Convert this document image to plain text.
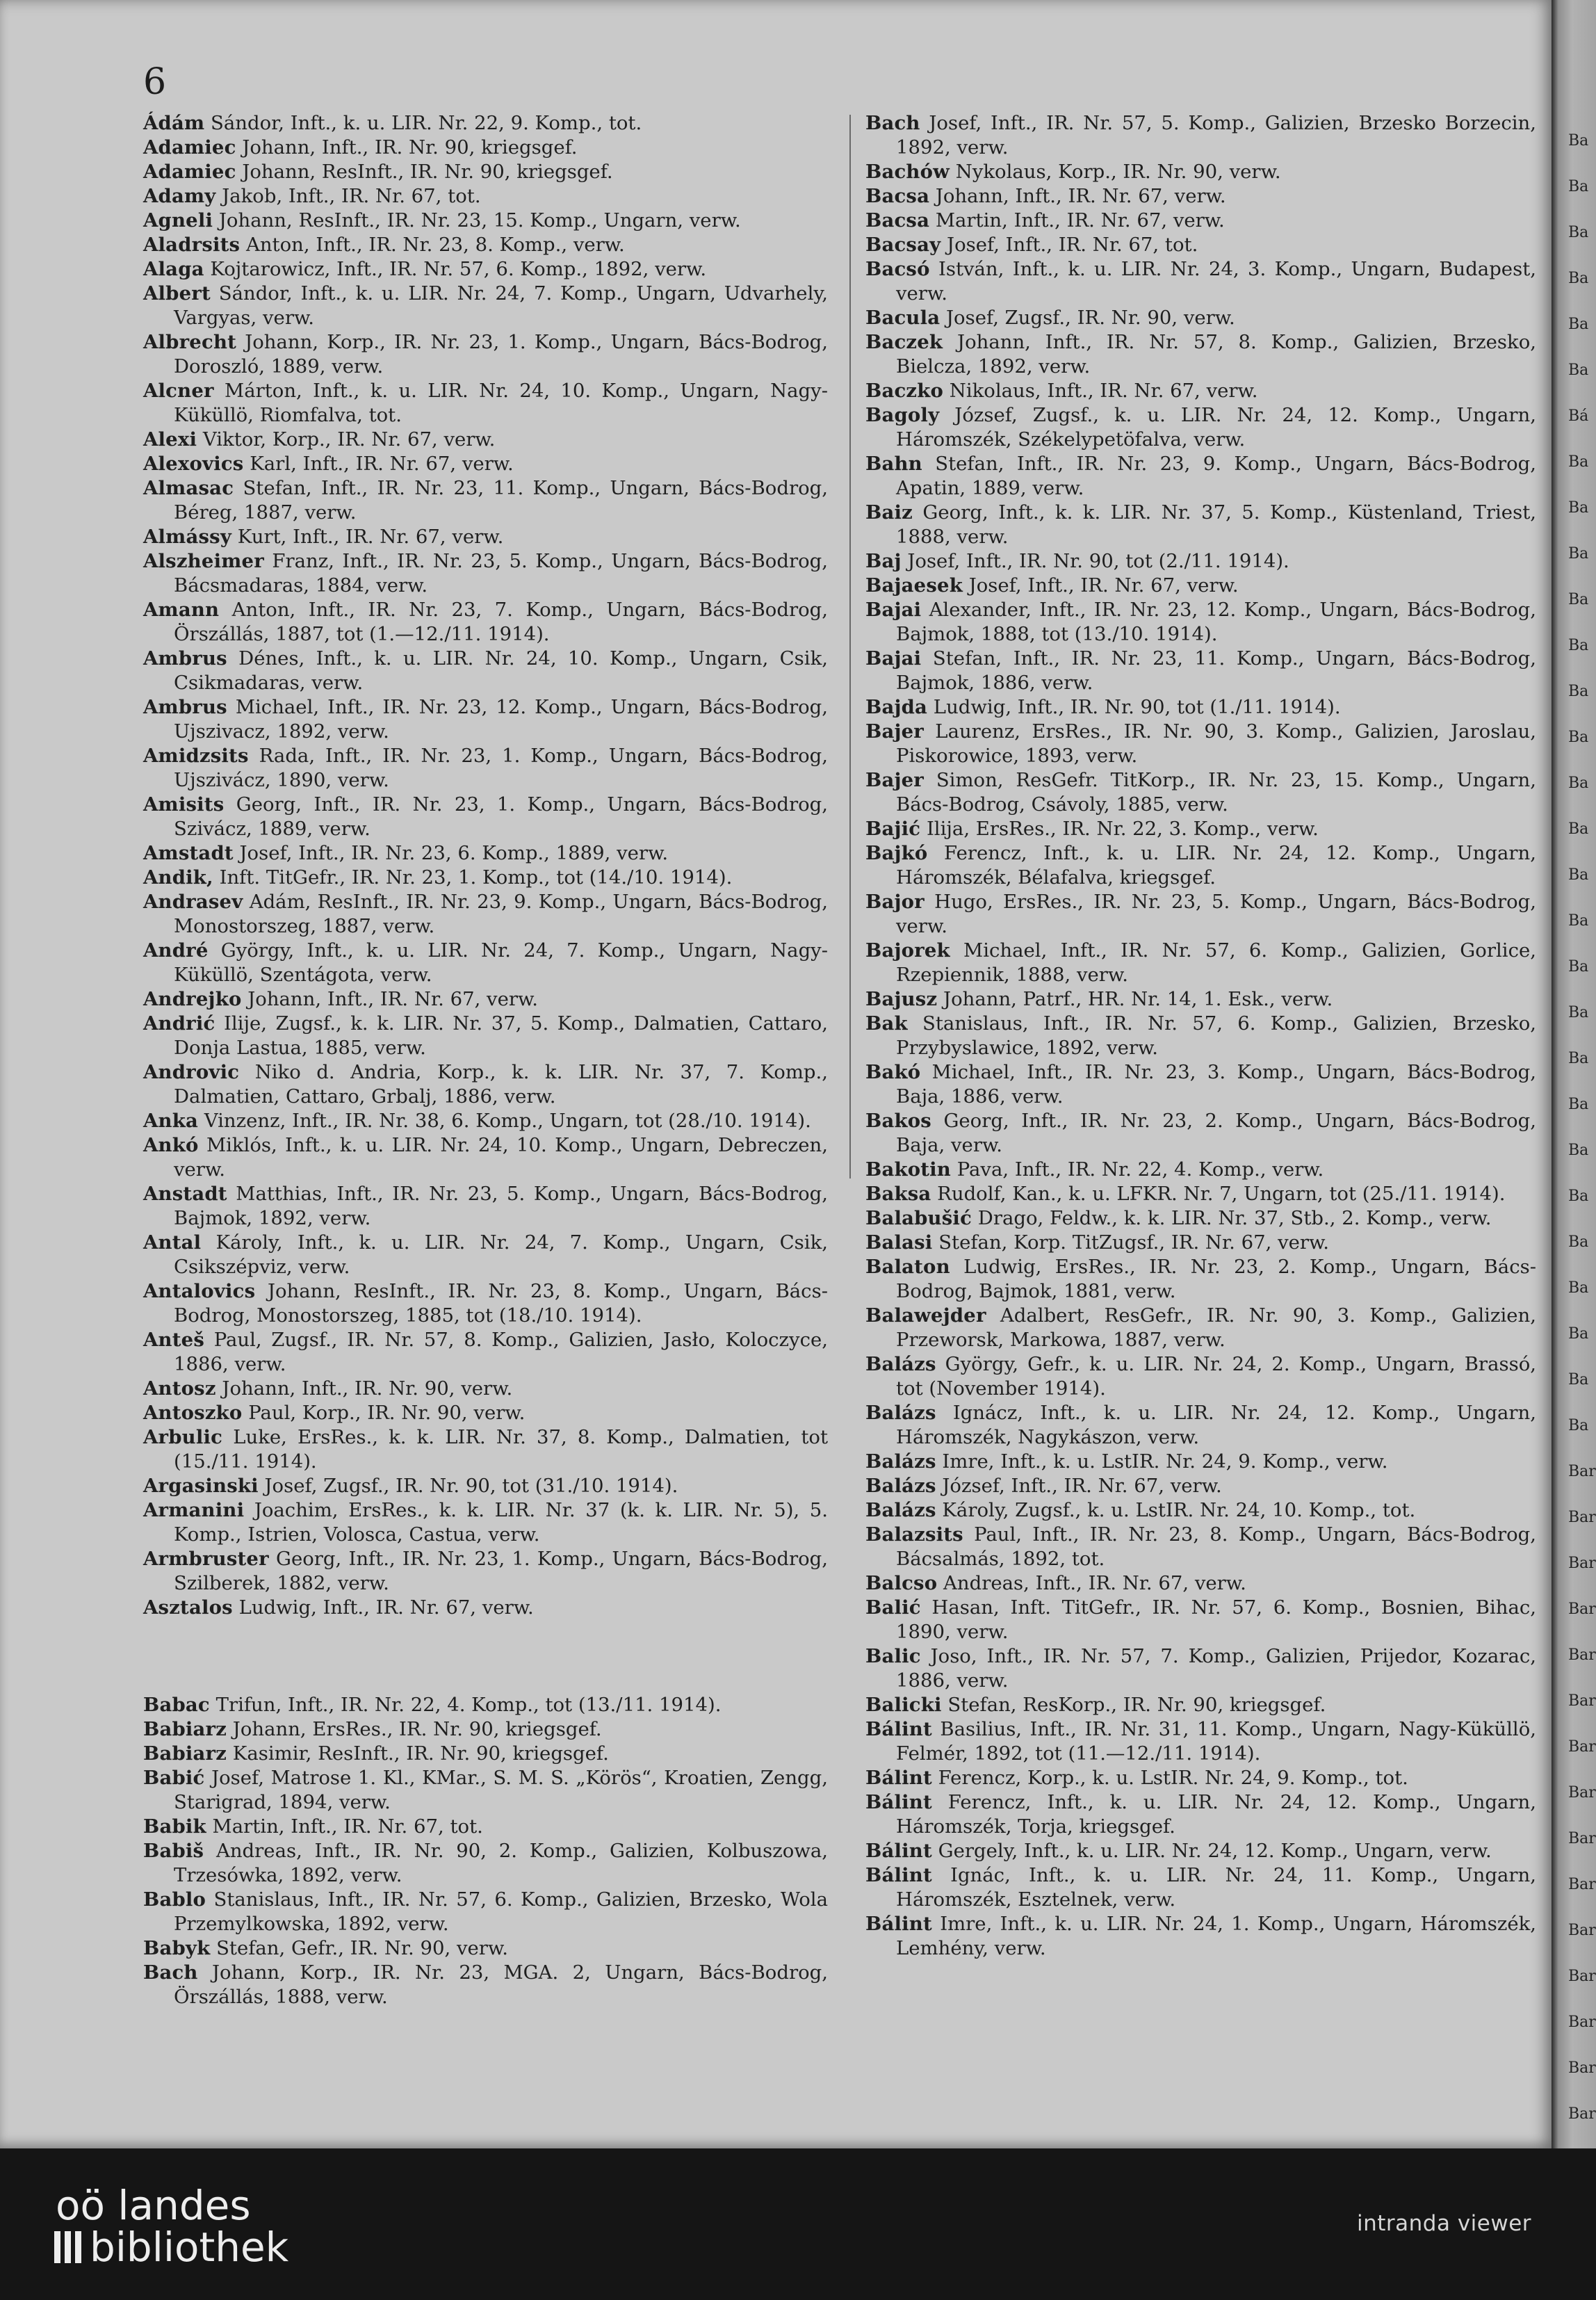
6
Ádám Sándor, Inft., k. u. LIR. Nr. 22, 9. Komp., tot.
Adamiec Johann, Inft., IR. Nr. 90, kriegsgef.
Adamiec Johann, ResInft., IR. Nr. 90, kriegsgef.
Adamy Jakob, Inft., IR. Nr. 67, tot.
Agneli Johann, ResInft., IR. Nr. 23, 15. Komp., Ungarn, verw.
Aladrsits Anton, Inft., IR. Nr. 23, 8. Komp., verw.
Alaga Kojtarowicz, Inft., IR. Nr. 57, 6. Komp., 1892, verw.
Albert Sándor, Inft., k. u. LIR. Nr. 24, 7. Komp., Ungarn, Udvarhely, Vargyas, verw.
Albrecht Johann, Korp., IR. Nr. 23, 1. Komp., Ungarn, Bács-Bodrog, Doroszló, 1889, verw.
Alcner Márton, Inft., k. u. LIR. Nr. 24, 10. Komp., Ungarn, Nagy-Küküllö, Riomfalva, tot.
Alexi Viktor, Korp., IR. Nr. 67, verw.
Alexovics Karl, Inft., IR. Nr. 67, verw.
Almasac Stefan, Inft., IR. Nr. 23, 11. Komp., Ungarn, Bács-Bodrog, Béreg, 1887, verw.
Almássy Kurt, Inft., IR. Nr. 67, verw.
Alszheimer Franz, Inft., IR. Nr. 23, 5. Komp., Ungarn, Bács-Bodrog, Bácsmadaras, 1884, verw.
Amann Anton, Inft., IR. Nr. 23, 7. Komp., Ungarn, Bács-Bodrog, Örszállás, 1887, tot (1.—12./11. 1914).
Ambrus Dénes, Inft., k. u. LIR. Nr. 24, 10. Komp., Ungarn, Csik, Csikmadaras, verw.
Ambrus Michael, Inft., IR. Nr. 23, 12. Komp., Ungarn, Bács-Bodrog, Ujszivacz, 1892, verw.
Amidzsits Rada, Inft., IR. Nr. 23, 1. Komp., Ungarn, Bács-Bodrog, Ujszivácz, 1890, verw.
Amisits Georg, Inft., IR. Nr. 23, 1. Komp., Ungarn, Bács-Bodrog, Szivácz, 1889, verw.
Amstadt Josef, Inft., IR. Nr. 23, 6. Komp., 1889, verw.
Andik, Inft. TitGefr., IR. Nr. 23, 1. Komp., tot (14./10. 1914).
Andrasev Adám, ResInft., IR. Nr. 23, 9. Komp., Ungarn, Bács-Bodrog, Monostorszeg, 1887, verw.
André György, Inft., k. u. LIR. Nr. 24, 7. Komp., Ungarn, Nagy-Küküllö, Szentágota, verw.
Andrejko Johann, Inft., IR. Nr. 67, verw.
Andrić Ilije, Zugsf., k. k. LIR. Nr. 37, 5. Komp., Dalmatien, Cattaro, Donja Lastua, 1885, verw.
Androvic Niko d. Andria, Korp., k. k. LIR. Nr. 37, 7. Komp., Dalmatien, Cattaro, Grbalj, 1886, verw.
Anka Vinzenz, Inft., IR. Nr. 38, 6. Komp., Ungarn, tot (28./10. 1914).
Ankó Miklós, Inft., k. u. LIR. Nr. 24, 10. Komp., Ungarn, Debreczen, verw.
Anstadt Matthias, Inft., IR. Nr. 23, 5. Komp., Ungarn, Bács-Bodrog, Bajmok, 1892, verw.
Antal Károly, Inft., k. u. LIR. Nr. 24, 7. Komp., Ungarn, Csik, Csikszépviz, verw.
Antalovics Johann, ResInft., IR. Nr. 23, 8. Komp., Ungarn, Bács-Bodrog, Monostorszeg, 1885, tot (18./10. 1914).
Anteš Paul, Zugsf., IR. Nr. 57, 8. Komp., Galizien, Jasło, Koloczyce, 1886, verw.
Antosz Johann, Inft., IR. Nr. 90, verw.
Antoszko Paul, Korp., IR. Nr. 90, verw.
Arbulic Luke, ErsRes., k. k. LIR. Nr. 37, 8. Komp., Dalmatien, tot (15./11. 1914).
Argasinski Josef, Zugsf., IR. Nr. 90, tot (31./10. 1914).
Armanini Joachim, ErsRes., k. k. LIR. Nr. 37 (k. k. LIR. Nr. 5), 5. Komp., Istrien, Volosca, Castua, verw.
Armbruster Georg, Inft., IR. Nr. 23, 1. Komp., Ungarn, Bács-Bodrog, Szilberek, 1882, verw.
Asztalos Ludwig, Inft., IR. Nr. 67, verw.
Babac Trifun, Inft., IR. Nr. 22, 4. Komp., tot (13./11. 1914).
Babiarz Johann, ErsRes., IR. Nr. 90, kriegsgef.
Babiarz Kasimir, ResInft., IR. Nr. 90, kriegsgef.
Babić Josef, Matrose 1. Kl., KMar., S. M. S. „Körös“, Kroatien, Zengg, Starigrad, 1894, verw.
Babik Martin, Inft., IR. Nr. 67, tot.
Babiš Andreas, Inft., IR. Nr. 90, 2. Komp., Galizien, Kolbuszowa, Trzesówka, 1892, verw.
Bablo Stanislaus, Inft., IR. Nr. 57, 6. Komp., Galizien, Brzesko, Wola Przemylkowska, 1892, verw.
Babyk Stefan, Gefr., IR. Nr. 90, verw.
Bach Johann, Korp., IR. Nr. 23, MGA. 2, Ungarn, Bács-Bodrog, Örszállás, 1888, verw.
Bach Josef, Inft., IR. Nr. 57, 5. Komp., Galizien, Brzesko Borzecin, 1892, verw.
Bachów Nykolaus, Korp., IR. Nr. 90, verw.
Bacsa Johann, Inft., IR. Nr. 67, verw.
Bacsa Martin, Inft., IR. Nr. 67, verw.
Bacsay Josef, Inft., IR. Nr. 67, tot.
Bacsó István, Inft., k. u. LIR. Nr. 24, 3. Komp., Ungarn, Budapest, verw.
Bacula Josef, Zugsf., IR. Nr. 90, verw.
Baczek Johann, Inft., IR. Nr. 57, 8. Komp., Galizien, Brzesko, Bielcza, 1892, verw.
Baczko Nikolaus, Inft., IR. Nr. 67, verw.
Bagoly József, Zugsf., k. u. LIR. Nr. 24, 12. Komp., Ungarn, Háromszék, Székelypetöfalva, verw.
Bahn Stefan, Inft., IR. Nr. 23, 9. Komp., Ungarn, Bács-Bodrog, Apatin, 1889, verw.
Baiz Georg, Inft., k. k. LIR. Nr. 37, 5. Komp., Küstenland, Triest, 1888, verw.
Baj Josef, Inft., IR. Nr. 90, tot (2./11. 1914).
Bajaesek Josef, Inft., IR. Nr. 67, verw.
Bajai Alexander, Inft., IR. Nr. 23, 12. Komp., Ungarn, Bács-Bodrog, Bajmok, 1888, tot (13./10. 1914).
Bajai Stefan, Inft., IR. Nr. 23, 11. Komp., Ungarn, Bács-Bodrog, Bajmok, 1886, verw.
Bajda Ludwig, Inft., IR. Nr. 90, tot (1./11. 1914).
Bajer Laurenz, ErsRes., IR. Nr. 90, 3. Komp., Galizien, Jaroslau, Piskorowice, 1893, verw.
Bajer Simon, ResGefr. TitKorp., IR. Nr. 23, 15. Komp., Ungarn, Bács-Bodrog, Csávoly, 1885, verw.
Bajić Ilija, ErsRes., IR. Nr. 22, 3. Komp., verw.
Bajkó Ferencz, Inft., k. u. LIR. Nr. 24, 12. Komp., Ungarn, Háromszék, Bélafalva, kriegsgef.
Bajor Hugo, ErsRes., IR. Nr. 23, 5. Komp., Ungarn, Bács-Bodrog, verw.
Bajorek Michael, Inft., IR. Nr. 57, 6. Komp., Galizien, Gorlice, Rzepiennik, 1888, verw.
Bajusz Johann, Patrf., HR. Nr. 14, 1. Esk., verw.
Bak Stanislaus, Inft., IR. Nr. 57, 6. Komp., Galizien, Brzesko, Przybyslawice, 1892, verw.
Bakó Michael, Inft., IR. Nr. 23, 3. Komp., Ungarn, Bács-Bodrog, Baja, 1886, verw.
Bakos Georg, Inft., IR. Nr. 23, 2. Komp., Ungarn, Bács-Bodrog, Baja, verw.
Bakotin Pava, Inft., IR. Nr. 22, 4. Komp., verw.
Baksa Rudolf, Kan., k. u. LFKR. Nr. 7, Ungarn, tot (25./11. 1914).
Balabušić Drago, Feldw., k. k. LIR. Nr. 37, Stb., 2. Komp., verw.
Balasi Stefan, Korp. TitZugsf., IR. Nr. 67, verw.
Balaton Ludwig, ErsRes., IR. Nr. 23, 2. Komp., Ungarn, Bács-Bodrog, Bajmok, 1881, verw.
Balawejder Adalbert, ResGefr., IR. Nr. 90, 3. Komp., Galizien, Przeworsk, Markowa, 1887, verw.
Balázs György, Gefr., k. u. LIR. Nr. 24, 2. Komp., Ungarn, Brassó, tot (November 1914).
Balázs Ignácz, Inft., k. u. LIR. Nr. 24, 12. Komp., Ungarn, Háromszék, Nagykászon, verw.
Balázs Imre, Inft., k. u. LstIR. Nr. 24, 9. Komp., verw.
Balázs József, Inft., IR. Nr. 67, verw.
Balázs Károly, Zugsf., k. u. LstIR. Nr. 24, 10. Komp., tot.
Balazsits Paul, Inft., IR. Nr. 23, 8. Komp., Ungarn, Bács-Bodrog, Bácsalmás, 1892, tot.
Balcso Andreas, Inft., IR. Nr. 67, verw.
Balić Hasan, Inft. TitGefr., IR. Nr. 57, 6. Komp., Bosnien, Bihac, 1890, verw.
Balic Joso, Inft., IR. Nr. 57, 7. Komp., Galizien, Prijedor, Kozarac, 1886, verw.
Balicki Stefan, ResKorp., IR. Nr. 90, kriegsgef.
Bálint Basilius, Inft., IR. Nr. 31, 11. Komp., Ungarn, Nagy-Küküllö, Felmér, 1892, tot (11.—12./11. 1914).
Bálint Ferencz, Korp., k. u. LstIR. Nr. 24, 9. Komp., tot.
Bálint Ferencz, Inft., k. u. LIR. Nr. 24, 12. Komp., Ungarn, Háromszék, Torja, kriegsgef.
Bálint Gergely, Inft., k. u. LIR. Nr. 24, 12. Komp., Ungarn, verw.
Bálint Ignác, Inft., k. u. LIR. Nr. 24, 11. Komp., Ungarn, Háromszék, Esztelnek, verw.
Bálint Imre, Inft., k. u. LIR. Nr. 24, 1. Komp., Ungarn, Háromszék, Lemhény, verw.
Ba
Ba
Ba
Ba
Ba
Ba
Bá
Ba
Ba
Ba
Ba
Ba
Ba
Ba
Ba
Ba
Ba
Ba
Ba
Ba
Ba
Ba
Ba
Ba
Ba
Ba
Ba
Ba
Ba
Bar
Bar
Bar
Bar
Bar
Bar
Bar
Bar
Bar
Bar
Bar
Bar
Bar
Bar
Bar
oö landes
bibliothek	intranda viewer
